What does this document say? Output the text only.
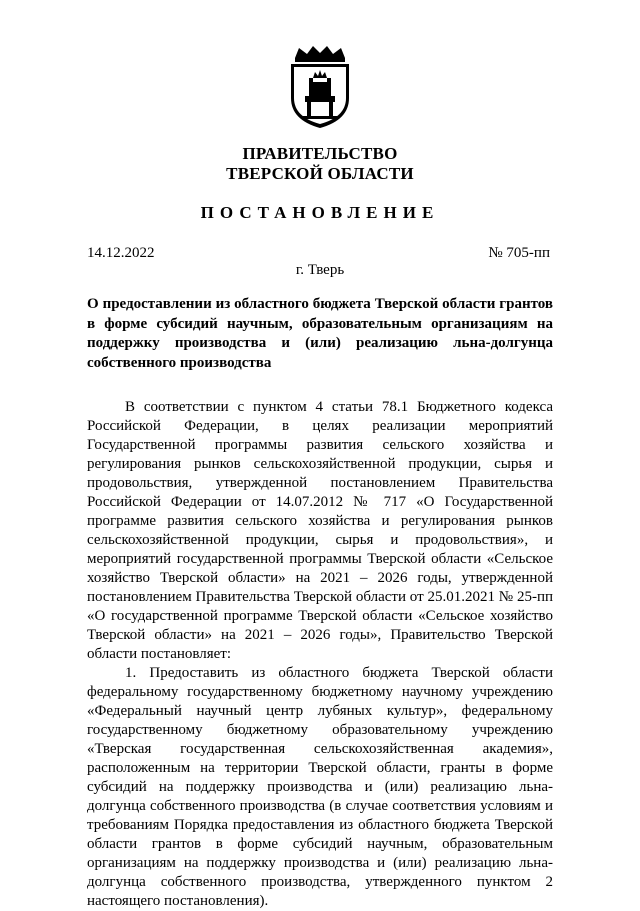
ПРАВИТЕЛЬСТВО
ТВЕРСКОЙ ОБЛАСТИ
ПОСТАНОВЛЕНИЕ
14.12.2022	№ 705-пп
г. Тверь
О предоставлении из областного бюджета Тверской области грантов в форме субсидий научным, образовательным организациям на поддержку производства и (или) реализацию льна-долгунца собственного производства

В соответствии с пунктом 4 статьи 78.1 Бюджетного кодекса Российской Федерации, в целях реализации мероприятий Государственной программы развития сельского хозяйства и регулирования рынков сельскохозяйственной продукции, сырья и продовольствия, утвержденной постановлением Правительства Российской Федерации от 14.07.2012 № 717 «О Государственной программе развития сельского хозяйства и регулирования рынков сельскохозяйственной продукции, сырья и продовольствия», и мероприятий государственной программы Тверской области «Сельское хозяйство Тверской области» на 2021 – 2026 годы, утвержденной постановлением Правительства Тверской области от 25.01.2021 № 25-пп «О государственной программе Тверской области «Сельское хозяйство Тверской области» на 2021 – 2026 годы», Правительство Тверской области постановляет:

1. Предоставить из областного бюджета Тверской области федеральному государственному бюджетному научному учреждению «Федеральный научный центр лубяных культур», федеральному государственному бюджетному образовательному учреждению «Тверская государственная сельскохозяйственная академия», расположенным на территории Тверской области, гранты в форме субсидий на поддержку производства и (или) реализацию льна-долгунца собственного производства (в случае соответствия условиям и требованиям Порядка предоставления из областного бюджета Тверской области грантов в форме субсидий научным, образовательным организациям на поддержку производства и (или) реализацию льна-долгунца собственного производства, утвержденного пунктом 2 настоящего постановления).
